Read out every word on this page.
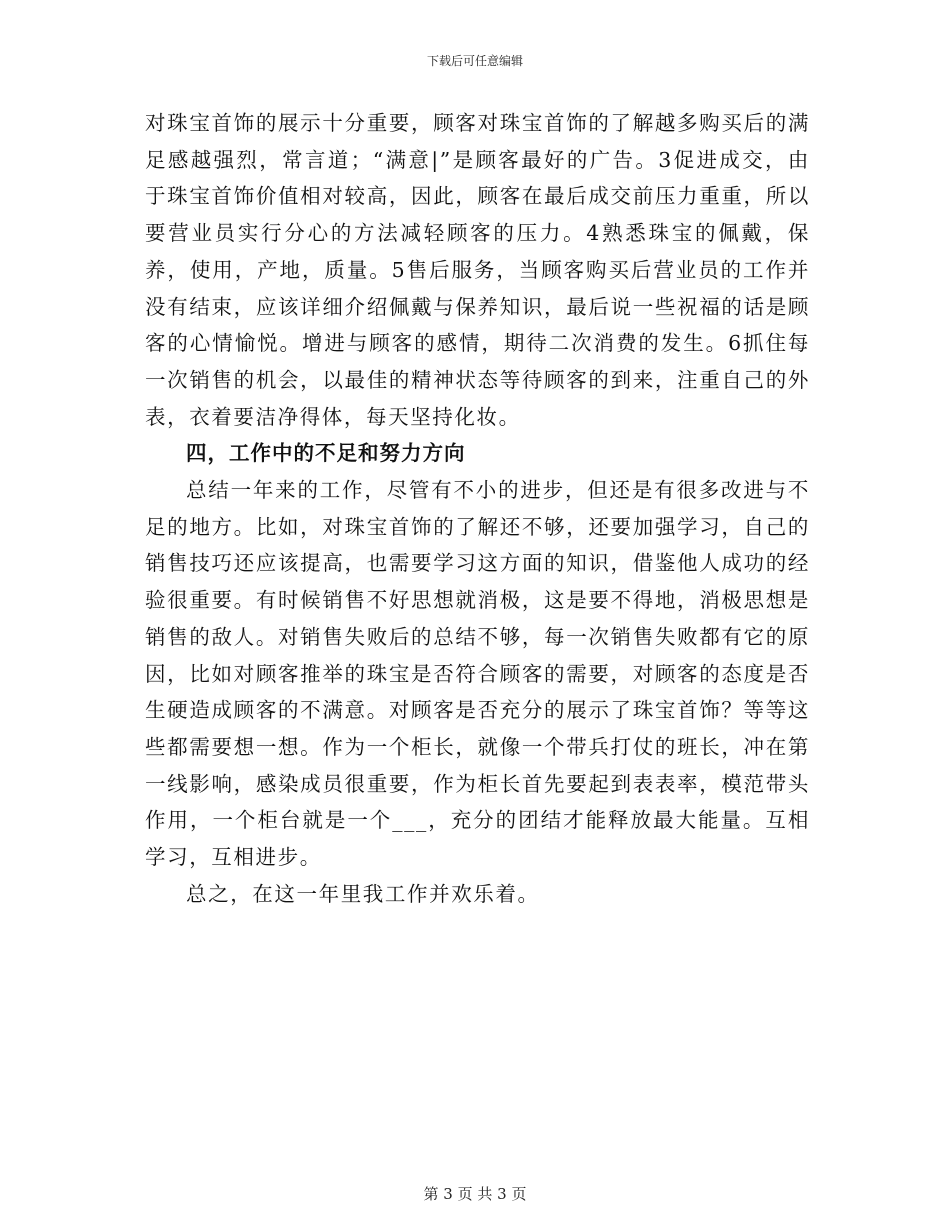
下载后可任意编辑

对珠宝首饰的展示十分重要，顾客对珠宝首饰的了解越多购买后的满足感越强烈，常言道；“满意|”是顾客最好的广告。3促进成交，由于珠宝首饰价值相对较高，因此，顾客在最后成交前压力重重，所以要营业员实行分心的方法减轻顾客的压力。4熟悉珠宝的佩戴，保养，使用，产地，质量。5售后服务，当顾客购买后营业员的工作并没有结束，应该详细介绍佩戴与保养知识，最后说一些祝福的话是顾客的心情愉悦。增进与顾客的感情，期待二次消费的发生。6抓住每一次销售的机会，以最佳的精神状态等待顾客的到来，注重自己的外表，衣着要洁净得体，每天坚持化妆。

四，工作中的不足和努力方向

总结一年来的工作，尽管有不小的进步，但还是有很多改进与不足的地方。比如，对珠宝首饰的了解还不够，还要加强学习，自己的销售技巧还应该提高，也需要学习这方面的知识，借鉴他人成功的经验很重要。有时候销售不好思想就消极，这是要不得地，消极思想是销售的敌人。对销售失败后的总结不够，每一次销售失败都有它的原因，比如对顾客推举的珠宝是否符合顾客的需要，对顾客的态度是否生硬造成顾客的不满意。对顾客是否充分的展示了珠宝首饰？等等这些都需要想一想。作为一个柜长，就像一个带兵打仗的班长，冲在第一线影响，感染成员很重要，作为柜长首先要起到表表率，模范带头作用，一个柜台就是一个___，充分的团结才能释放最大能量。互相学习，互相进步。

总之，在这一年里我工作并欢乐着。

第 3 页 共 3 页
